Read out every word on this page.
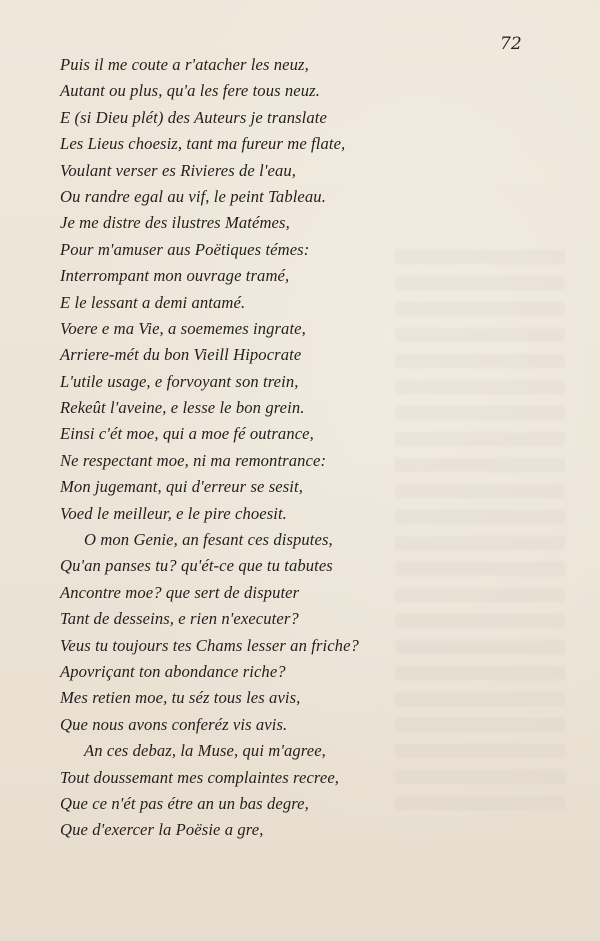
72
Puis il me coute a r'atacher les neuz,
Autant ou plus, qu'a les fere tous neuz.
E (si Dieu plét) des Auteurs je translate
Les Lieus choesiz, tant ma fureur me flate,
Voulant verser es Rivieres de l'eau,
Ou randre egal au vif, le peint Tableau.
Je me distre des ilustres Matémes,
Pour m'amuser aus Poëtiques témes:
Interrompant mon ouvrage tramé,
E le lessant a demi antamé.
Voere e ma Vie, a soememes ingrate,
Arriere-mét du bon Vieill Hipocrate
L'utile usage, e forvoyant son trein,
Rekeût l'aveine, e lesse le bon grein.
Einsi c'ét moe, qui a moe fé outrance,
Ne respectant moe, ni ma remontrance:
Mon jugemant, qui d'erreur se sesit,
Voed le meilleur, e le pire choesit.
O mon Genie, an fesant ces disputes,
Qu'an panses tu? qu'ét-ce que tu tabutes
Ancontre moe? que sert de disputer
Tant de desseins, e rien n'executer?
Veus tu toujours tes Chams lesser an friche?
Apovriçant ton abondance riche?
Mes retien moe, tu séz tous les avis,
Que nous avons conferéz vis avis.
An ces debaz, la Muse, qui m'agree,
Tout doussemant mes complaintes recree,
Que ce n'ét pas étre an un bas degre,
Que d'exercer la Poësie a gre,
